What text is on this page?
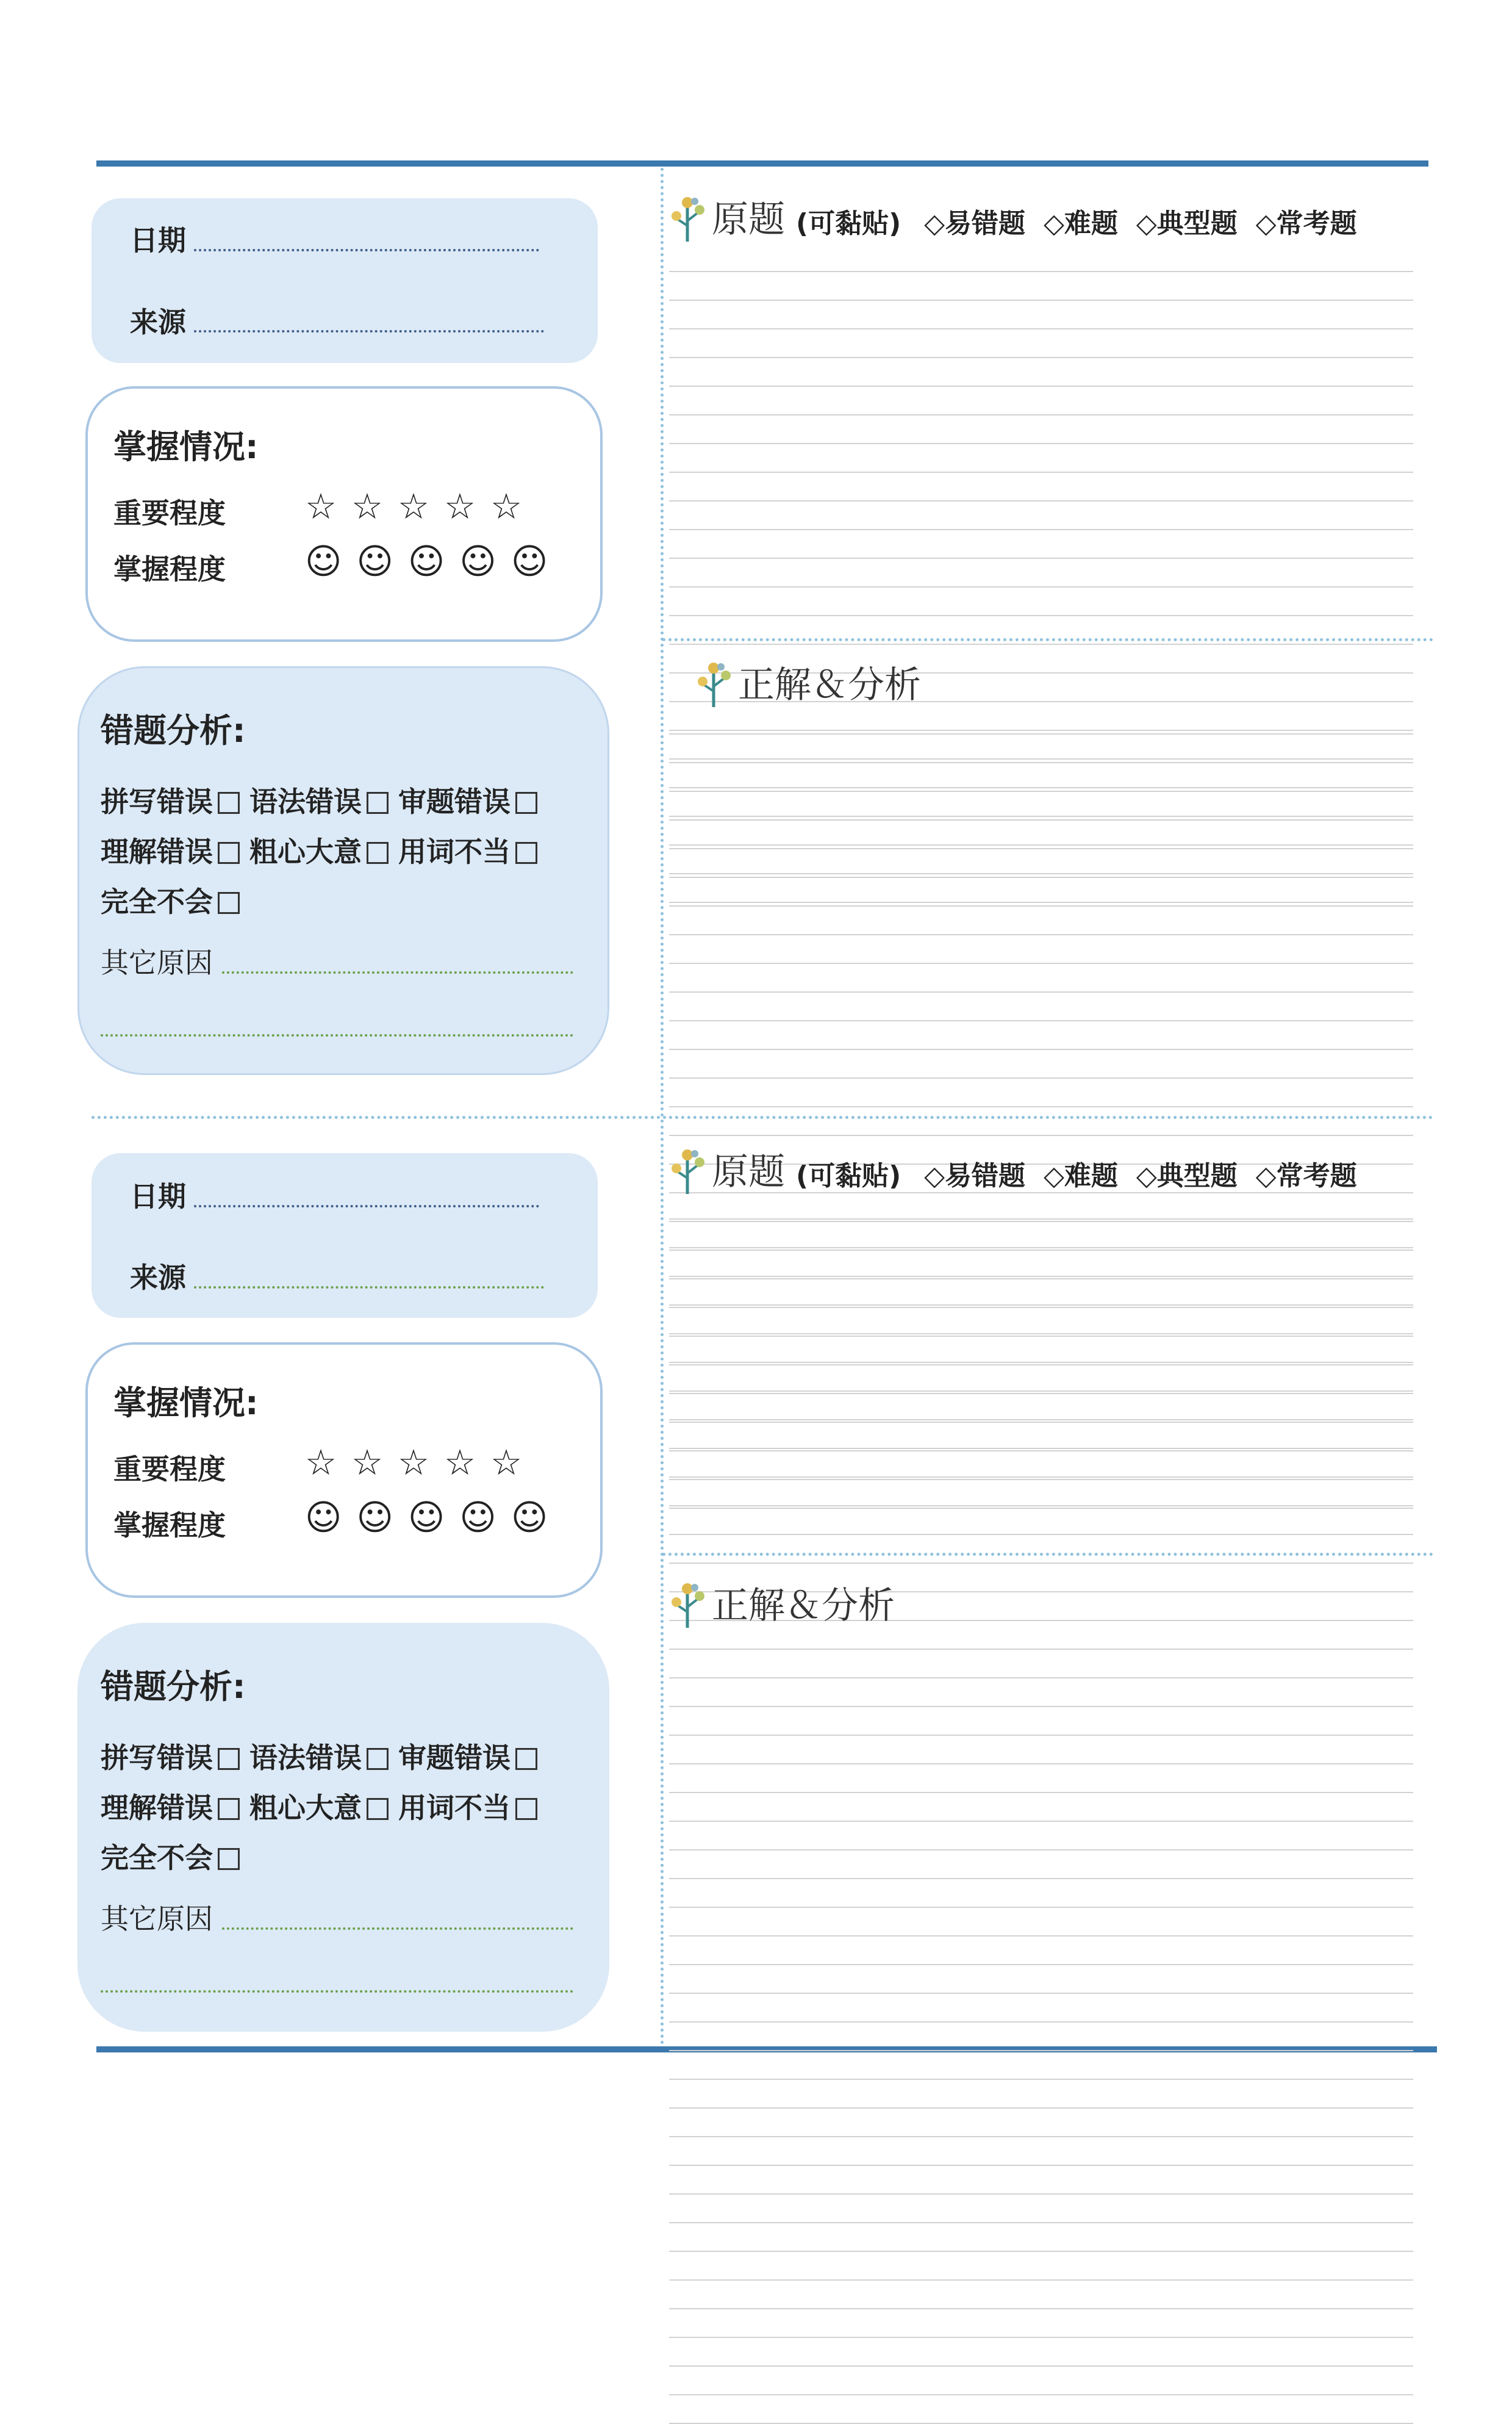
日期
来源
掌握情况:
重要程度 ☆☆☆☆☆
掌握程度 ☺☺☺☺☺
错题分析:
拼写错误 语法错误 审题错误
理解错误 粗心大意 用词不当
完全不会
其它原因
原题 (可黏贴) ◇易错题 ◇难题 ◇典型题 ◇常考题
正解＆分析
日期
来源
掌握情况:
重要程度 ☆☆☆☆☆
掌握程度 ☺☺☺☺☺
错题分析:
拼写错误 语法错误 审题错误
理解错误 粗心大意 用词不当
完全不会
其它原因
原题 (可黏贴) ◇易错题 ◇难题 ◇典型题 ◇常考题
正解＆分析
